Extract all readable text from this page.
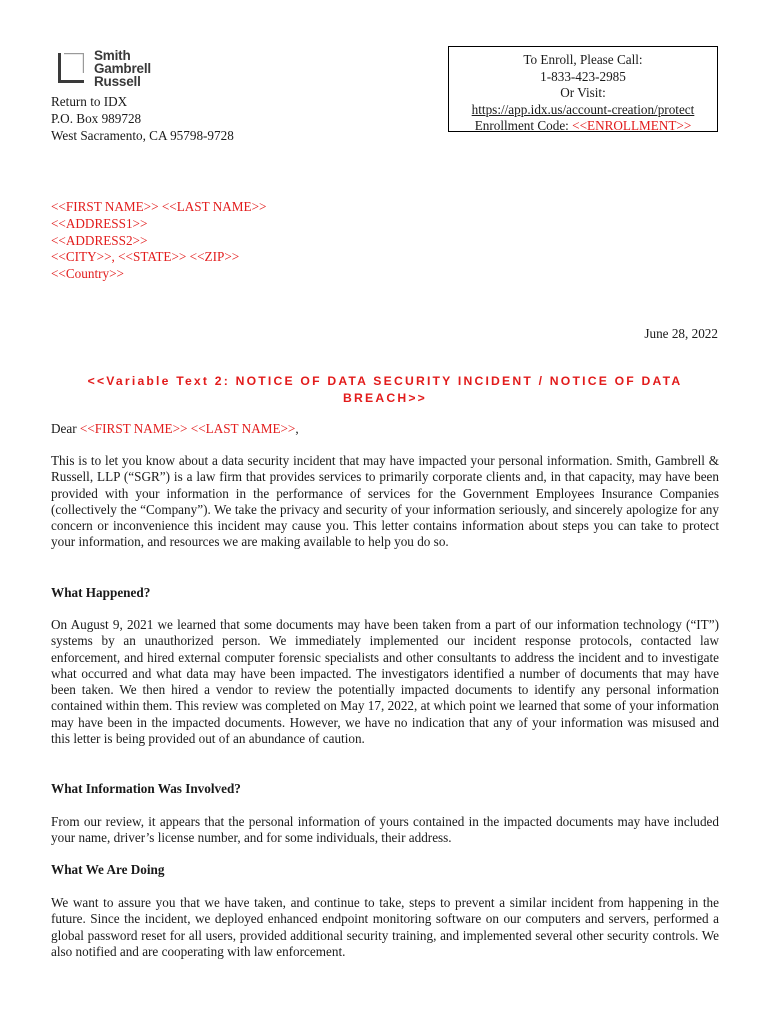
Smith
Gambrell
Russell
Return to IDX
P.O. Box 989728
West Sacramento, CA 95798-9728
To Enroll, Please Call:
1-833-423-2985
Or Visit:
https://app.idx.us/account-creation/protect
Enrollment Code: <<ENROLLMENT>>
<<FIRST NAME>> <<LAST NAME>>
<<ADDRESS1>>
<<ADDRESS2>>
<<CITY>>, <<STATE>> <<ZIP>>
<<Country>>
June 28, 2022
<<Variable Text 2: NOTICE OF DATA SECURITY INCIDENT / NOTICE OF DATA BREACH>>
Dear <<FIRST NAME>> <<LAST NAME>>,
This is to let you know about a data security incident that may have impacted your personal information. Smith, Gambrell & Russell, LLP (“SGR”) is a law firm that provides services to primarily corporate clients and, in that capacity, may have been provided with your information in the performance of services for the Government Employees Insurance Companies (collectively the “Company”). We take the privacy and security of your information seriously, and sincerely apologize for any concern or inconvenience this incident may cause you. This letter contains information about steps you can take to protect your information, and resources we are making available to help you do so.
What Happened?
On August 9, 2021 we learned that some documents may have been taken from a part of our information technology (“IT”) systems by an unauthorized person. We immediately implemented our incident response protocols, contacted law enforcement, and hired external computer forensic specialists and other consultants to address the incident and to investigate what occurred and what data may have been impacted. The investigators identified a number of documents that may have been taken. We then hired a vendor to review the potentially impacted documents to identify any personal information contained within them. This review was completed on May 17, 2022, at which point we learned that some of your information may have been in the impacted documents. However, we have no indication that any of your information was misused and this letter is being provided out of an abundance of caution.
What Information Was Involved?
From our review, it appears that the personal information of yours contained in the impacted documents may have included your name, driver’s license number, and for some individuals, their address.
What We Are Doing
We want to assure you that we have taken, and continue to take, steps to prevent a similar incident from happening in the future. Since the incident, we deployed enhanced endpoint monitoring software on our computers and servers, performed a global password reset for all users, provided additional security training, and implemented several other security controls. We also notified and are cooperating with law enforcement.
